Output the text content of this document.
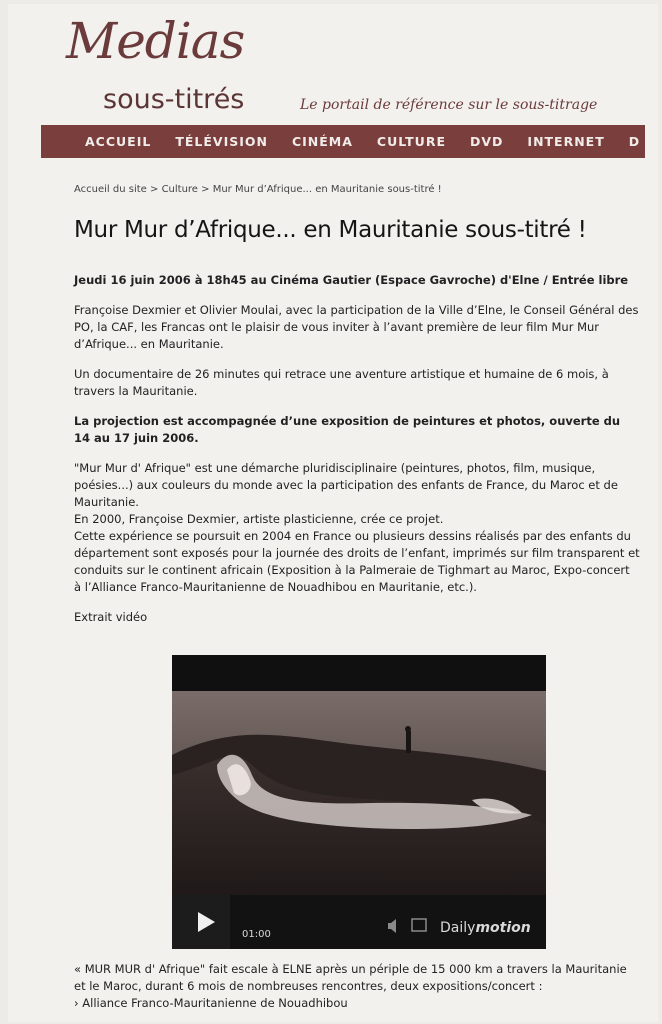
Medias
sous-titrés	Le portail de référence sur le sous-titrage
ACCUEIL TÉLÉVISION CINÉMA CULTURE DVD INTERNET D
Accueil du site > Culture > Mur Mur d’Afrique... en Mauritanie sous-titré !
Mur Mur d’Afrique... en Mauritanie sous-titré !

Jeudi 16 juin 2006 à 18h45 au Cinéma Gautier (Espace Gavroche) d'Elne / Entrée libre

Françoise Dexmier et Olivier Moulai, avec la participation de la Ville d’Elne, le Conseil Général des PO, la CAF, les Francas ont le plaisir de vous inviter à l’avant première de leur film Mur Mur d’Afrique... en Mauritanie.

Un documentaire de 26 minutes qui retrace une aventure artistique et humaine de 6 mois, à travers la Mauritanie.

La projection est accompagnée d’une exposition de peintures et photos, ouverte du 14 au 17 juin 2006.

"Mur Mur d' Afrique" est une démarche pluridisciplinaire (peintures, photos, film, musique, poésies...) aux couleurs du monde avec la participation des enfants de France, du Maroc et de Mauritanie.

En 2000, Françoise Dexmier, artiste plasticienne, crée ce projet.

Cette expérience se poursuit en 2004 en France ou plusieurs dessins réalisés par des enfants du département sont exposés pour la journée des droits de l’enfant, imprimés sur film transparent et conduits sur le continent africain (Exposition à la Palmeraie de Tighmart au Maroc, Expo-concert à l’Alliance Franco-Mauritanienne de Nouadhibou en Mauritanie, etc.).

Extrait vidéo

01:00	Dailymotion
« MUR MUR d' Afrique" fait escale à ELNE après un périple de 15 000 km a travers la Mauritanie et le Maroc, durant 6 mois de nombreuses rencontres, deux expositions/concert :
› Alliance Franco-Mauritanienne de Nouadhibou
